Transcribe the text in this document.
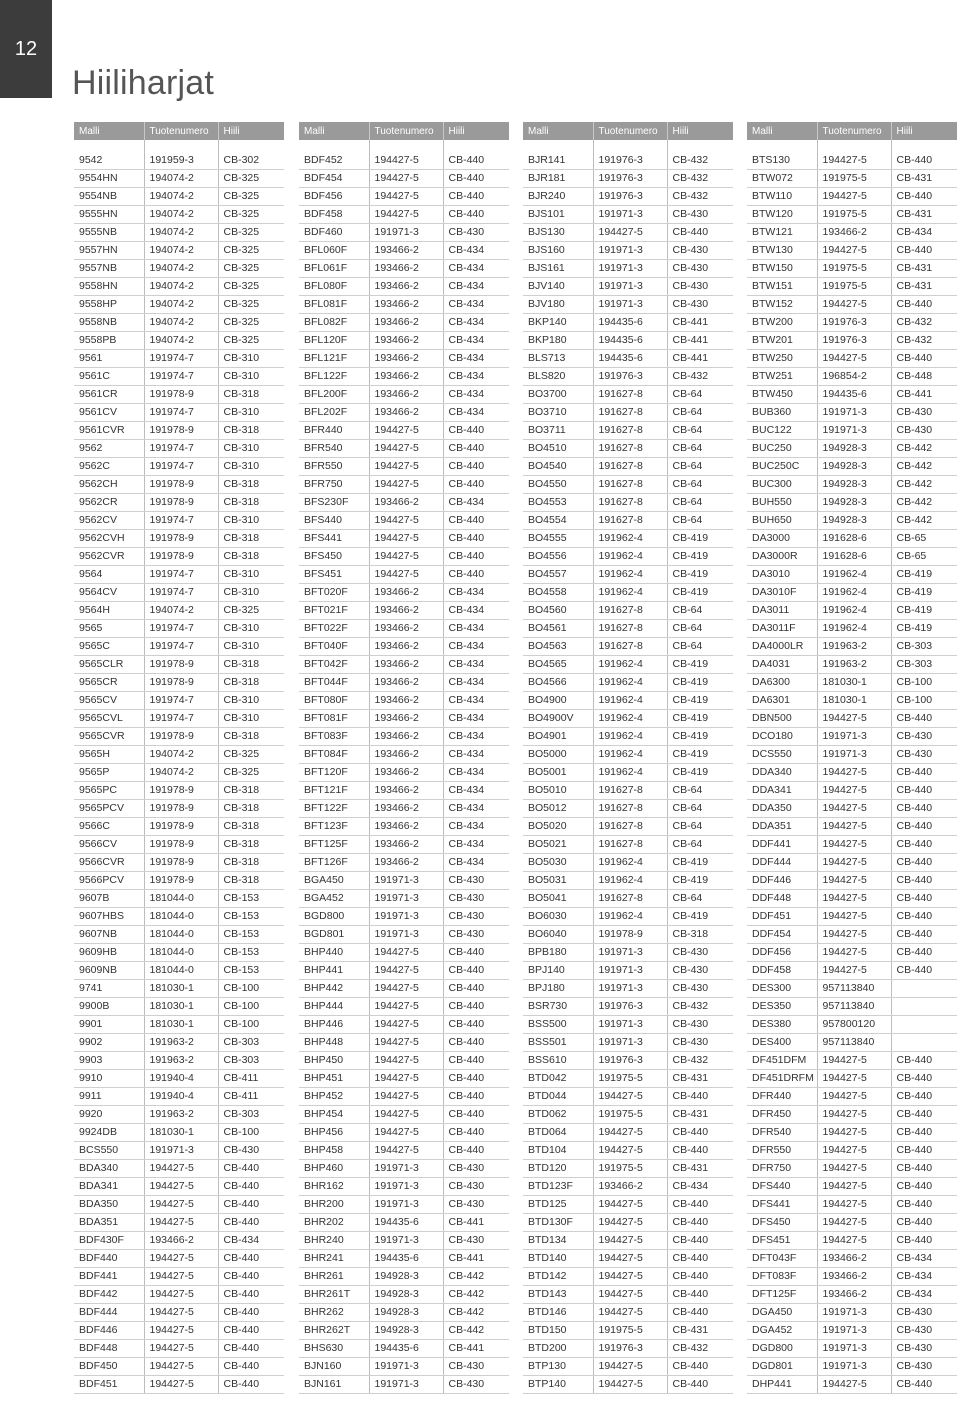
12
Hiiliharjat
Malli	Tuotenumero	Hiili

9542	191959-3	CB-302
9554HN	194074-2	CB-325
9554NB	194074-2	CB-325
9555HN	194074-2	CB-325
9555NB	194074-2	CB-325
9557HN	194074-2	CB-325
9557NB	194074-2	CB-325
9558HN	194074-2	CB-325
9558HP	194074-2	CB-325
9558NB	194074-2	CB-325
9558PB	194074-2	CB-325
9561	191974-7	CB-310
9561C	191974-7	CB-310
9561CR	191978-9	CB-318
9561CV	191974-7	CB-310
9561CVR	191978-9	CB-318
9562	191974-7	CB-310
9562C	191974-7	CB-310
9562CH	191978-9	CB-318
9562CR	191978-9	CB-318
9562CV	191974-7	CB-310
9562CVH	191978-9	CB-318
9562CVR	191978-9	CB-318
9564	191974-7	CB-310
9564CV	191974-7	CB-310
9564H	194074-2	CB-325
9565	191974-7	CB-310
9565C	191974-7	CB-310
9565CLR	191978-9	CB-318
9565CR	191978-9	CB-318
9565CV	191974-7	CB-310
9565CVL	191974-7	CB-310
9565CVR	191978-9	CB-318
9565H	194074-2	CB-325
9565P	194074-2	CB-325
9565PC	191978-9	CB-318
9565PCV	191978-9	CB-318
9566C	191978-9	CB-318
9566CV	191978-9	CB-318
9566CVR	191978-9	CB-318
9566PCV	191978-9	CB-318
9607B	181044-0	CB-153
9607HBS	181044-0	CB-153
9607NB	181044-0	CB-153
9609HB	181044-0	CB-153
9609NB	181044-0	CB-153
9741	181030-1	CB-100
9900B	181030-1	CB-100
9901	181030-1	CB-100
9902	191963-2	CB-303
9903	191963-2	CB-303
9910	191940-4	CB-411
9911	191940-4	CB-411
9920	191963-2	CB-303
9924DB	181030-1	CB-100
BCS550	191971-3	CB-430
BDA340	194427-5	CB-440
BDA341	194427-5	CB-440
BDA350	194427-5	CB-440
BDA351	194427-5	CB-440
BDF430F	193466-2	CB-434
BDF440	194427-5	CB-440
BDF441	194427-5	CB-440
BDF442	194427-5	CB-440
BDF444	194427-5	CB-440
BDF446	194427-5	CB-440
BDF448	194427-5	CB-440
BDF450	194427-5	CB-440
BDF451	194427-5	CB-440
Malli	Tuotenumero	Hiili

BDF452	194427-5	CB-440
BDF454	194427-5	CB-440
BDF456	194427-5	CB-440
BDF458	194427-5	CB-440
BDF460	191971-3	CB-430
BFL060F	193466-2	CB-434
BFL061F	193466-2	CB-434
BFL080F	193466-2	CB-434
BFL081F	193466-2	CB-434
BFL082F	193466-2	CB-434
BFL120F	193466-2	CB-434
BFL121F	193466-2	CB-434
BFL122F	193466-2	CB-434
BFL200F	193466-2	CB-434
BFL202F	193466-2	CB-434
BFR440	194427-5	CB-440
BFR540	194427-5	CB-440
BFR550	194427-5	CB-440
BFR750	194427-5	CB-440
BFS230F	193466-2	CB-434
BFS440	194427-5	CB-440
BFS441	194427-5	CB-440
BFS450	194427-5	CB-440
BFS451	194427-5	CB-440
BFT020F	193466-2	CB-434
BFT021F	193466-2	CB-434
BFT022F	193466-2	CB-434
BFT040F	193466-2	CB-434
BFT042F	193466-2	CB-434
BFT044F	193466-2	CB-434
BFT080F	193466-2	CB-434
BFT081F	193466-2	CB-434
BFT083F	193466-2	CB-434
BFT084F	193466-2	CB-434
BFT120F	193466-2	CB-434
BFT121F	193466-2	CB-434
BFT122F	193466-2	CB-434
BFT123F	193466-2	CB-434
BFT125F	193466-2	CB-434
BFT126F	193466-2	CB-434
BGA450	191971-3	CB-430
BGA452	191971-3	CB-430
BGD800	191971-3	CB-430
BGD801	191971-3	CB-430
BHP440	194427-5	CB-440
BHP441	194427-5	CB-440
BHP442	194427-5	CB-440
BHP444	194427-5	CB-440
BHP446	194427-5	CB-440
BHP448	194427-5	CB-440
BHP450	194427-5	CB-440
BHP451	194427-5	CB-440
BHP452	194427-5	CB-440
BHP454	194427-5	CB-440
BHP456	194427-5	CB-440
BHP458	194427-5	CB-440
BHP460	191971-3	CB-430
BHR162	191971-3	CB-430
BHR200	191971-3	CB-430
BHR202	194435-6	CB-441
BHR240	191971-3	CB-430
BHR241	194435-6	CB-441
BHR261	194928-3	CB-442
BHR261T	194928-3	CB-442
BHR262	194928-3	CB-442
BHR262T	194928-3	CB-442
BHS630	194435-6	CB-441
BJN160	191971-3	CB-430
BJN161	191971-3	CB-430
Malli	Tuotenumero	Hiili

BJR141	191976-3	CB-432
BJR181	191976-3	CB-432
BJR240	191976-3	CB-432
BJS101	191971-3	CB-430
BJS130	194427-5	CB-440
BJS160	191971-3	CB-430
BJS161	191971-3	CB-430
BJV140	191971-3	CB-430
BJV180	191971-3	CB-430
BKP140	194435-6	CB-441
BKP180	194435-6	CB-441
BLS713	194435-6	CB-441
BLS820	191976-3	CB-432
BO3700	191627-8	CB-64
BO3710	191627-8	CB-64
BO3711	191627-8	CB-64
BO4510	191627-8	CB-64
BO4540	191627-8	CB-64
BO4550	191627-8	CB-64
BO4553	191627-8	CB-64
BO4554	191627-8	CB-64
BO4555	191962-4	CB-419
BO4556	191962-4	CB-419
BO4557	191962-4	CB-419
BO4558	191962-4	CB-419
BO4560	191627-8	CB-64
BO4561	191627-8	CB-64
BO4563	191627-8	CB-64
BO4565	191962-4	CB-419
BO4566	191962-4	CB-419
BO4900	191962-4	CB-419
BO4900V	191962-4	CB-419
BO4901	191962-4	CB-419
BO5000	191962-4	CB-419
BO5001	191962-4	CB-419
BO5010	191627-8	CB-64
BO5012	191627-8	CB-64
BO5020	191627-8	CB-64
BO5021	191627-8	CB-64
BO5030	191962-4	CB-419
BO5031	191962-4	CB-419
BO5041	191627-8	CB-64
BO6030	191962-4	CB-419
BO6040	191978-9	CB-318
BPB180	191971-3	CB-430
BPJ140	191971-3	CB-430
BPJ180	191971-3	CB-430
BSR730	191976-3	CB-432
BSS500	191971-3	CB-430
BSS501	191971-3	CB-430
BSS610	191976-3	CB-432
BTD042	191975-5	CB-431
BTD044	194427-5	CB-440
BTD062	191975-5	CB-431
BTD064	194427-5	CB-440
BTD104	194427-5	CB-440
BTD120	191975-5	CB-431
BTD123F	193466-2	CB-434
BTD125	194427-5	CB-440
BTD130F	194427-5	CB-440
BTD134	194427-5	CB-440
BTD140	194427-5	CB-440
BTD142	194427-5	CB-440
BTD143	194427-5	CB-440
BTD146	194427-5	CB-440
BTD150	191975-5	CB-431
BTD200	191976-3	CB-432
BTP130	194427-5	CB-440
BTP140	194427-5	CB-440
Malli	Tuotenumero	Hiili

BTS130	194427-5	CB-440
BTW072	191975-5	CB-431
BTW110	194427-5	CB-440
BTW120	191975-5	CB-431
BTW121	193466-2	CB-434
BTW130	194427-5	CB-440
BTW150	191975-5	CB-431
BTW151	191975-5	CB-431
BTW152	194427-5	CB-440
BTW200	191976-3	CB-432
BTW201	191976-3	CB-432
BTW250	194427-5	CB-440
BTW251	196854-2	CB-448
BTW450	194435-6	CB-441
BUB360	191971-3	CB-430
BUC122	191971-3	CB-430
BUC250	194928-3	CB-442
BUC250C	194928-3	CB-442
BUC300	194928-3	CB-442
BUH550	194928-3	CB-442
BUH650	194928-3	CB-442
DA3000	191628-6	CB-65
DA3000R	191628-6	CB-65
DA3010	191962-4	CB-419
DA3010F	191962-4	CB-419
DA3011	191962-4	CB-419
DA3011F	191962-4	CB-419
DA4000LR	191963-2	CB-303
DA4031	191963-2	CB-303
DA6300	181030-1	CB-100
DA6301	181030-1	CB-100
DBN500	194427-5	CB-440
DCO180	191971-3	CB-430
DCS550	191971-3	CB-430
DDA340	194427-5	CB-440
DDA341	194427-5	CB-440
DDA350	194427-5	CB-440
DDA351	194427-5	CB-440
DDF441	194427-5	CB-440
DDF444	194427-5	CB-440
DDF446	194427-5	CB-440
DDF448	194427-5	CB-440
DDF451	194427-5	CB-440
DDF454	194427-5	CB-440
DDF456	194427-5	CB-440
DDF458	194427-5	CB-440
DES300	957113840	
DES350	957113840	
DES380	957800120	
DES400	957113840	
DF451DFM	194427-5	CB-440
DF451DRFM	194427-5	CB-440
DFR440	194427-5	CB-440
DFR450	194427-5	CB-440
DFR540	194427-5	CB-440
DFR550	194427-5	CB-440
DFR750	194427-5	CB-440
DFS440	194427-5	CB-440
DFS441	194427-5	CB-440
DFS450	194427-5	CB-440
DFS451	194427-5	CB-440
DFT043F	193466-2	CB-434
DFT083F	193466-2	CB-434
DFT125F	193466-2	CB-434
DGA450	191971-3	CB-430
DGA452	191971-3	CB-430
DGD800	191971-3	CB-430
DGD801	191971-3	CB-430
DHP441	194427-5	CB-440
